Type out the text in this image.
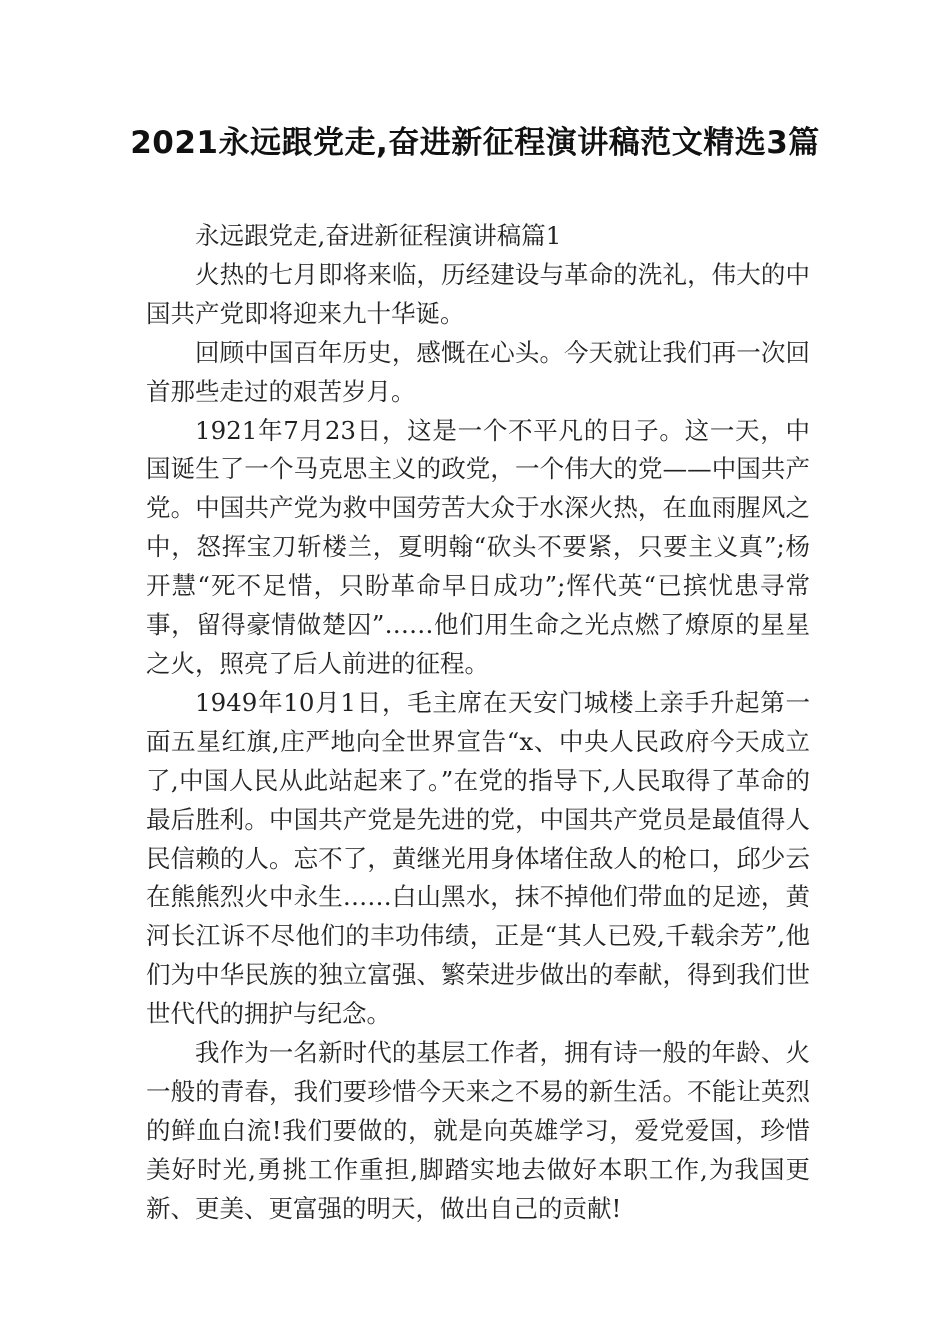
2021永远跟党走,奋进新征程演讲稿范文精选3篇

永远跟党走,奋进新征程演讲稿篇1

火热的七月即将来临，历经建设与革命的洗礼，伟大的中国共产党即将迎来九十华诞。

回顾中国百年历史，感慨在心头。今天就让我们再一次回首那些走过的艰苦岁月。

1921年7月23日，这是一个不平凡的日子。这一天，中国诞生了一个马克思主义的政党，一个伟大的党——中国共产党。中国共产党为救中国劳苦大众于水深火热，在血雨腥风之中，怒挥宝刀斩楼兰，夏明翰“砍头不要紧，只要主义真”;杨开慧“死不足惜，只盼革命早日成功”;恽代英“已摈忧患寻常事，留得豪情做楚囚”……他们用生命之光点燃了燎原的星星之火，照亮了后人前进的征程。

1949年10月1日，毛主席在天安门城楼上亲手升起第一面五星红旗,庄严地向全世界宣告“x、中央人民政府今天成立了,中国人民从此站起来了。”在党的指导下,人民取得了革命的最后胜利。中国共产党是先进的党，中国共产党员是最值得人民信赖的人。忘不了，黄继光用身体堵住敌人的枪口，邱少云在熊熊烈火中永生……白山黑水，抹不掉他们带血的足迹，黄河长江诉不尽他们的丰功伟绩，正是“其人已殁,千载余芳”,他们为中华民族的独立富强、繁荣进步做出的奉献，得到我们世世代代的拥护与纪念。

我作为一名新时代的基层工作者，拥有诗一般的年龄、火一般的青春，我们要珍惜今天来之不易的新生活。不能让英烈的鲜血白流!我们要做的，就是向英雄学习，爱党爱国，珍惜美好时光,勇挑工作重担,脚踏实地去做好本职工作,为我国更新、更美、更富强的明天，做出自己的贡献!
